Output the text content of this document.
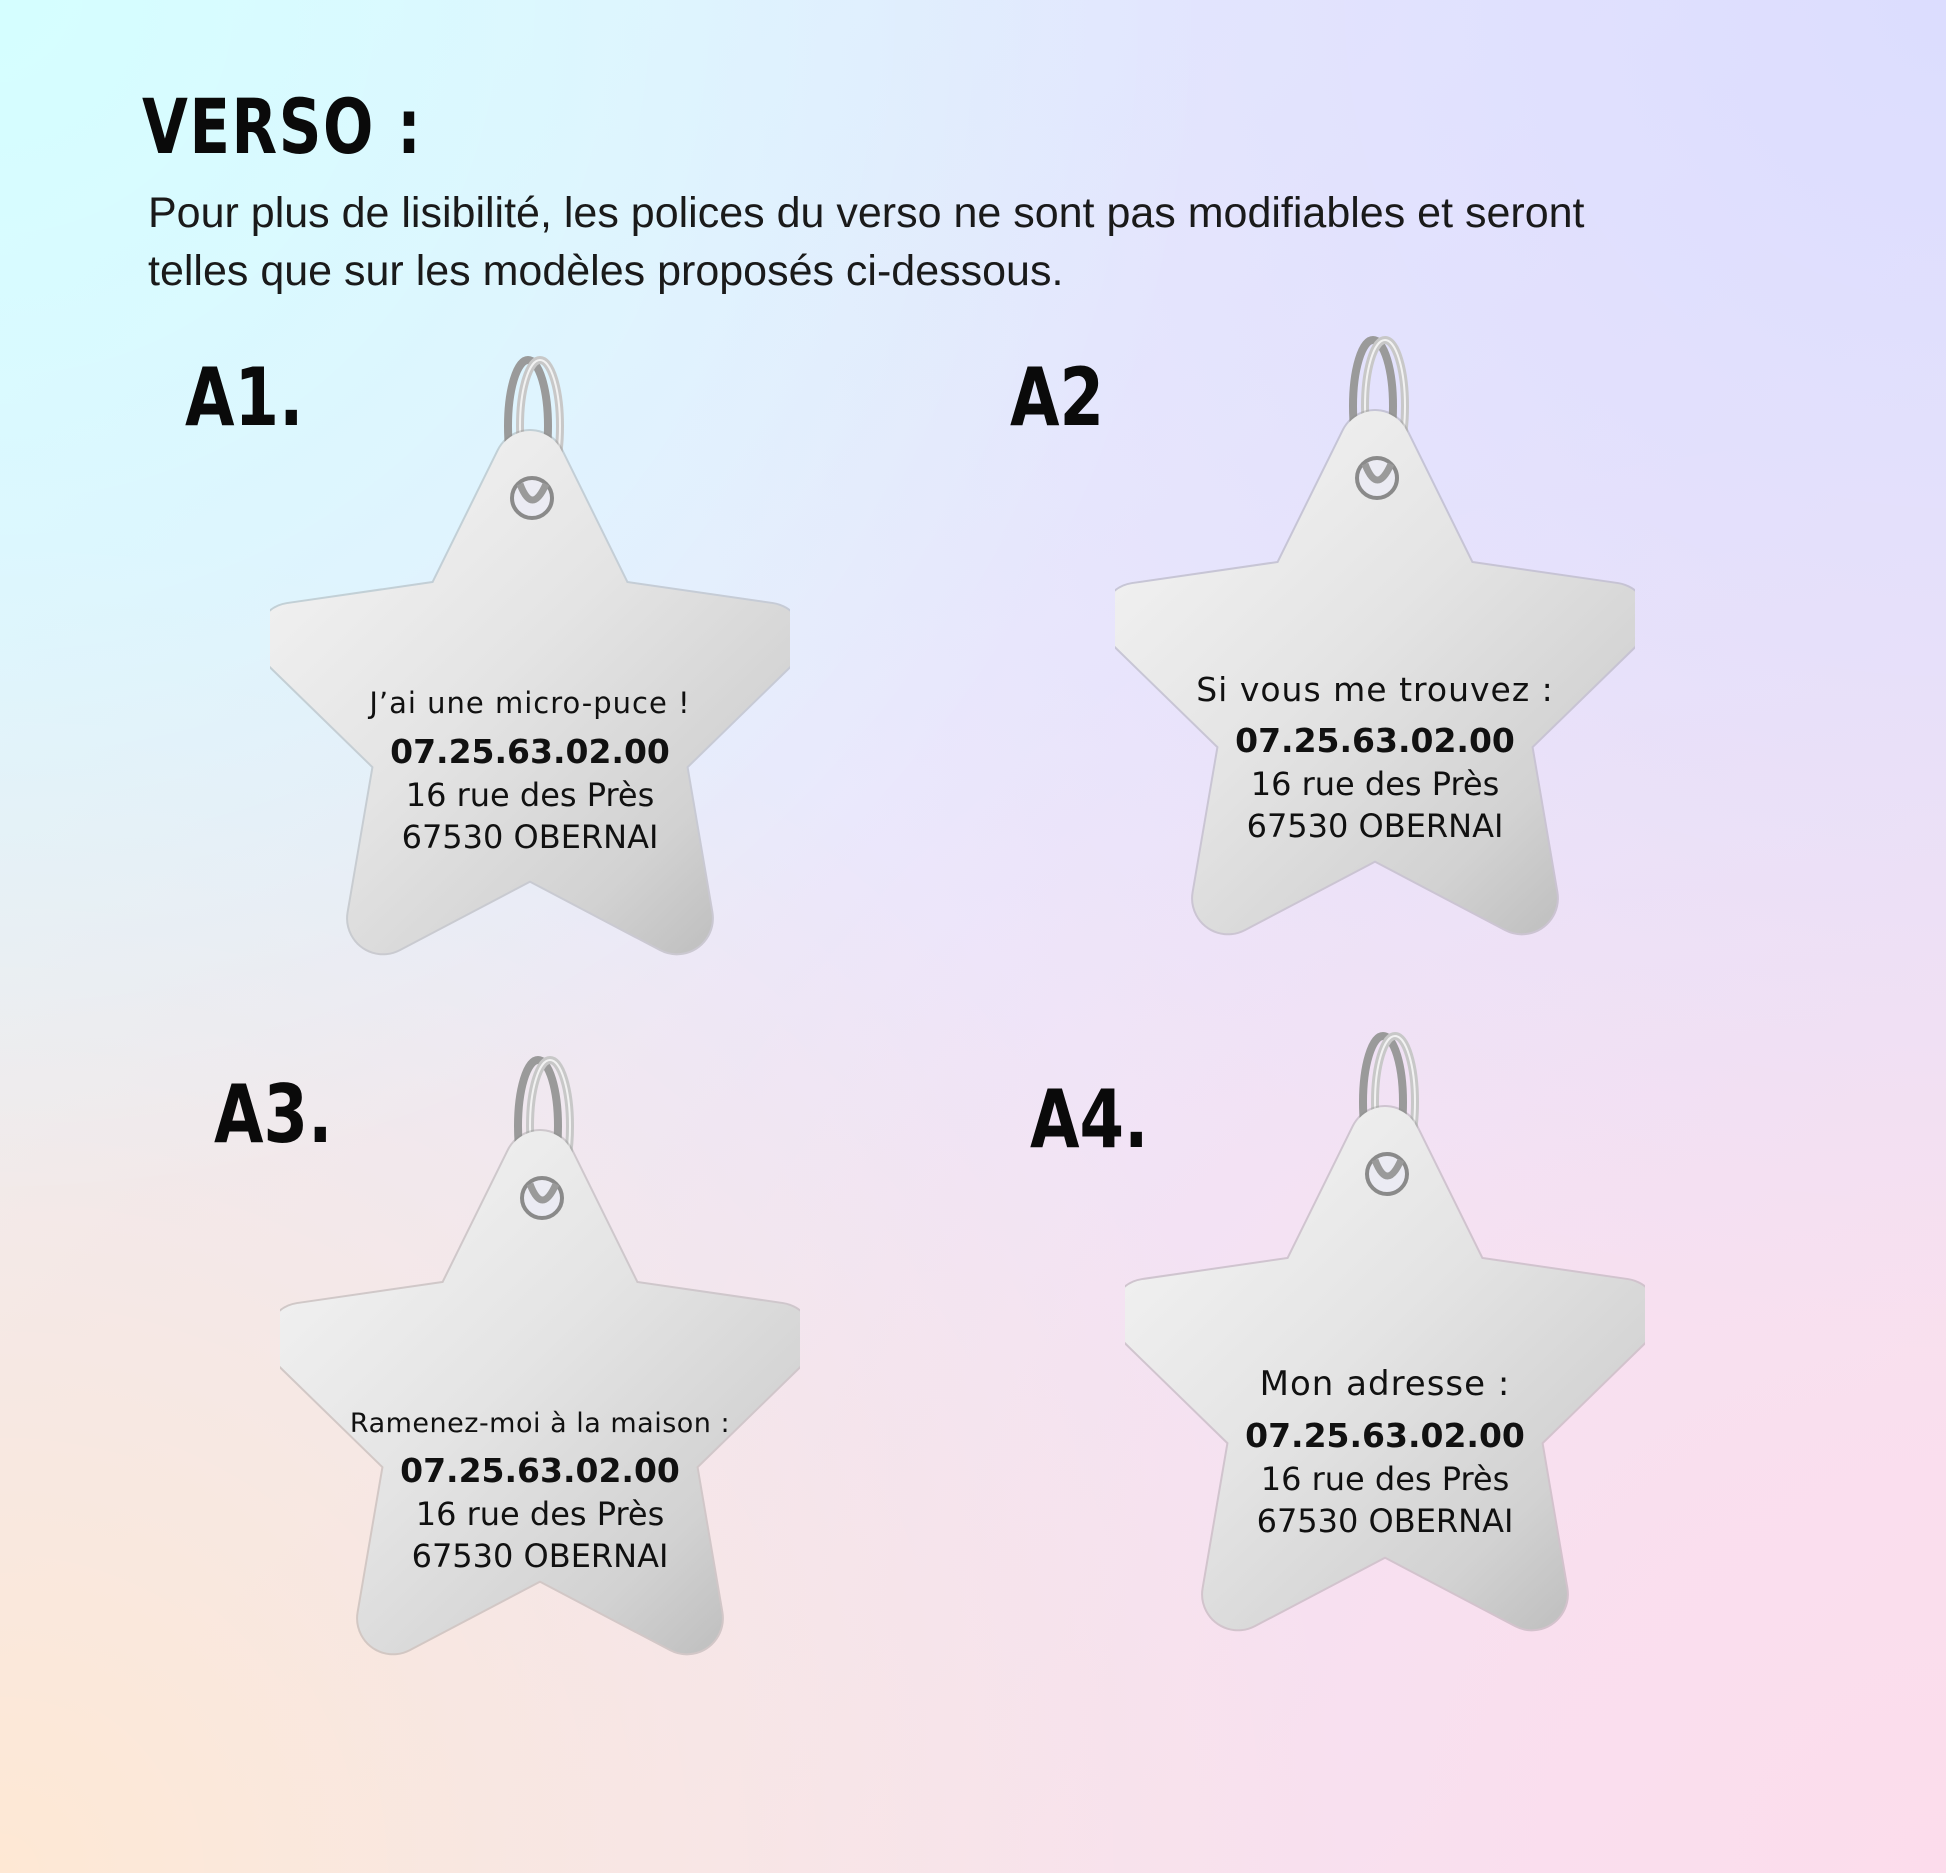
VERSO :

Pour plus de lisibilité, les polices du verso ne sont pas modifiables et seront
telles que sur les modèles proposés ci-dessous.

A1.
J’ai une micro-puce !
07.25.63.02.00
16 rue des Près
67530 OBERNAI
A2
Si vous me trouvez :
07.25.63.02.00
16 rue des Près
67530 OBERNAI
A3.
Ramenez-moi à la maison :
07.25.63.02.00
16 rue des Près
67530 OBERNAI
A4.
Mon adresse :
07.25.63.02.00
16 rue des Près
67530 OBERNAI
